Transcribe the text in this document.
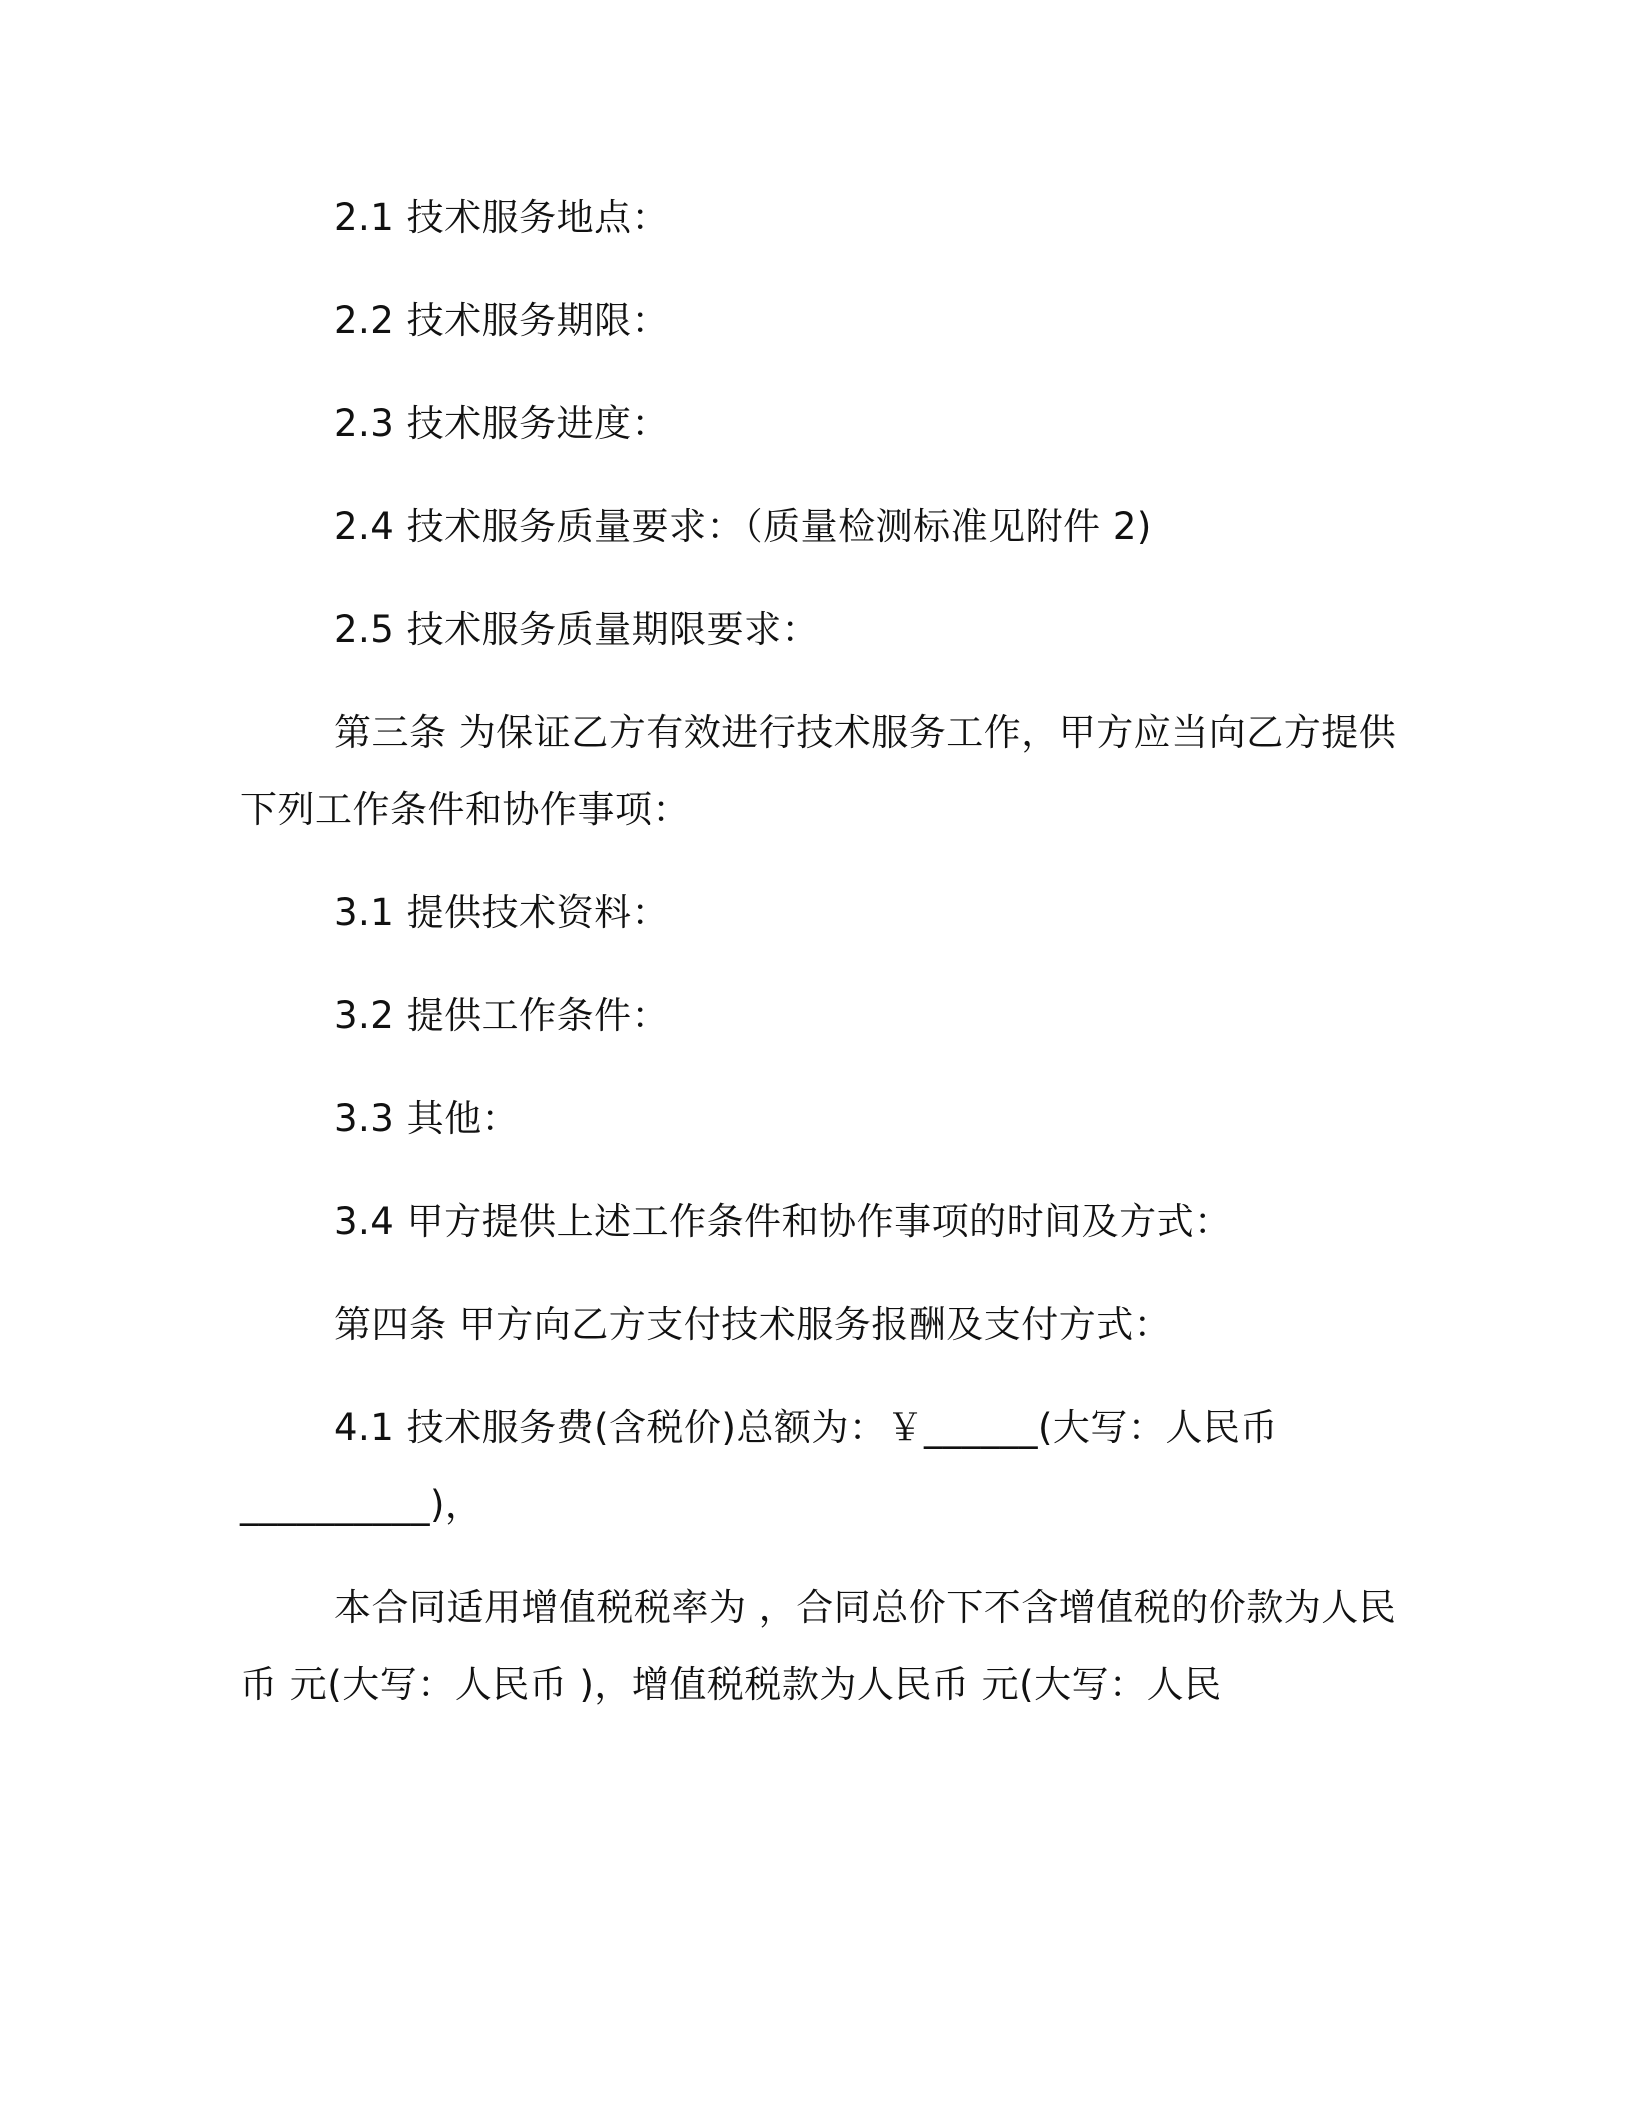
2.1 技术服务地点：
2.2 技术服务期限：
2.3 技术服务进度：
2.4 技术服务质量要求：（质量检测标准见附件 2)
2.5 技术服务质量期限要求：
第三条 为保证乙方有效进行技术服务工作，甲方应当向乙方提供
下列工作条件和协作事项：
3.1 提供技术资料：
3.2 提供工作条件：
3.3 其他：
3.4 甲方提供上述工作条件和协作事项的时间及方式：
第四条 甲方向乙方支付技术服务报酬及支付方式：
4.1 技术服务费(含税价)总额为：￥______(大写：人民币
__________)，
本合同适用增值税税率为 ，合同总价下不含增值税的价款为人民
币 元(大写：人民币 )，增值税税款为人民币 元(大写：人民
